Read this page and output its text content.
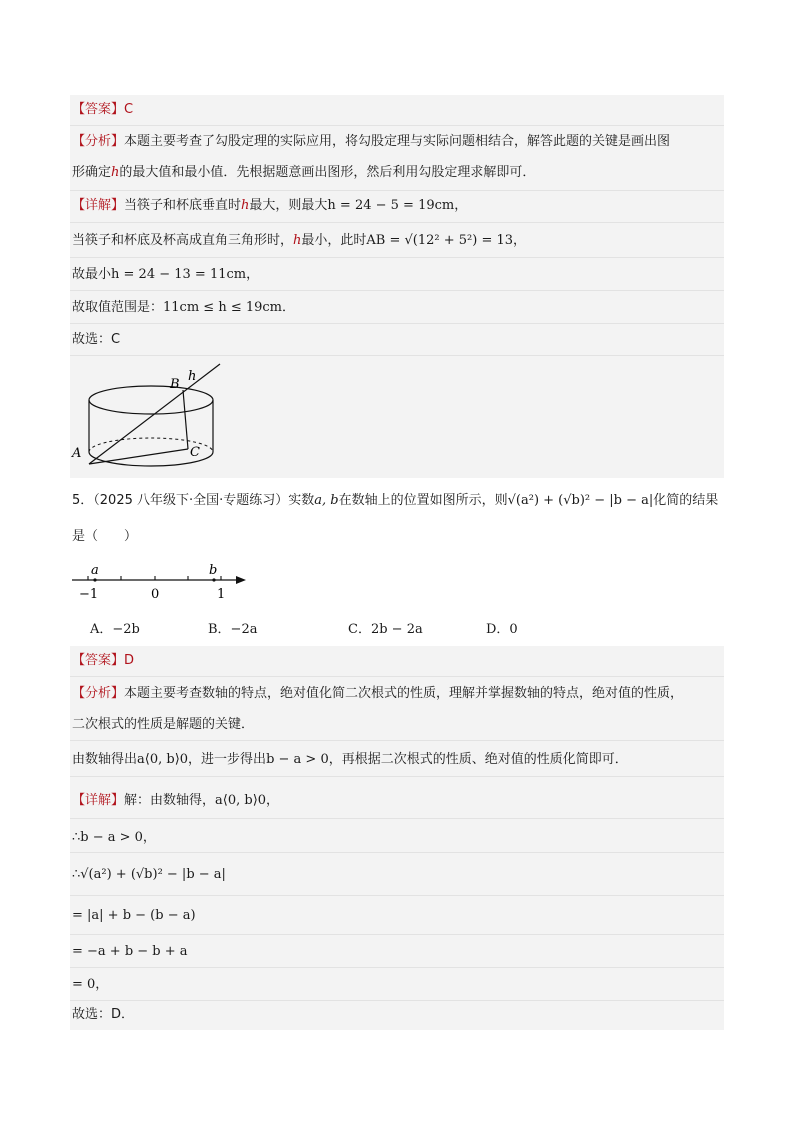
【答案】C
【分析】本题主要考查了勾股定理的实际应用，将勾股定理与实际问题相结合，解答此题的关键是画出图
形确定h的最大值和最小值．先根据题意画出图形，然后利用勾股定理求解即可．
【详解】当筷子和杯底垂直时h最大，则最大h = 24 − 5 = 19cm，
当筷子和杯底及杯高成直角三角形时，h最小，此时AB = √(12² + 5²) = 13，
故最小h = 24 − 13 = 11cm，
故取值范围是：11cm ≤ h ≤ 19cm．
故选：C
A
B
C
h
5．（2025 八年级下·全国·专题练习）实数a, b在数轴上的位置如图所示，则√(a²) + (√b)² − |b − a|化简的结果
是（　　）
a	b
−1	0	1
A．−2b	B．−2a	C．2b − 2a	D．0
【答案】D
【分析】本题主要考查数轴的特点，绝对值化简二次根式的性质，理解并掌握数轴的特点，绝对值的性质，
二次根式的性质是解题的关键．
由数轴得出a⟨0, b⟩0，进一步得出b − a > 0，再根据二次根式的性质、绝对值的性质化简即可．
【详解】解：由数轴得，a⟨0, b⟩0，
∴b − a > 0，
∴√(a²) + (√b)² − |b − a|
= |a| + b − (b − a)
= −a + b − b + a
= 0，
故选：D．
